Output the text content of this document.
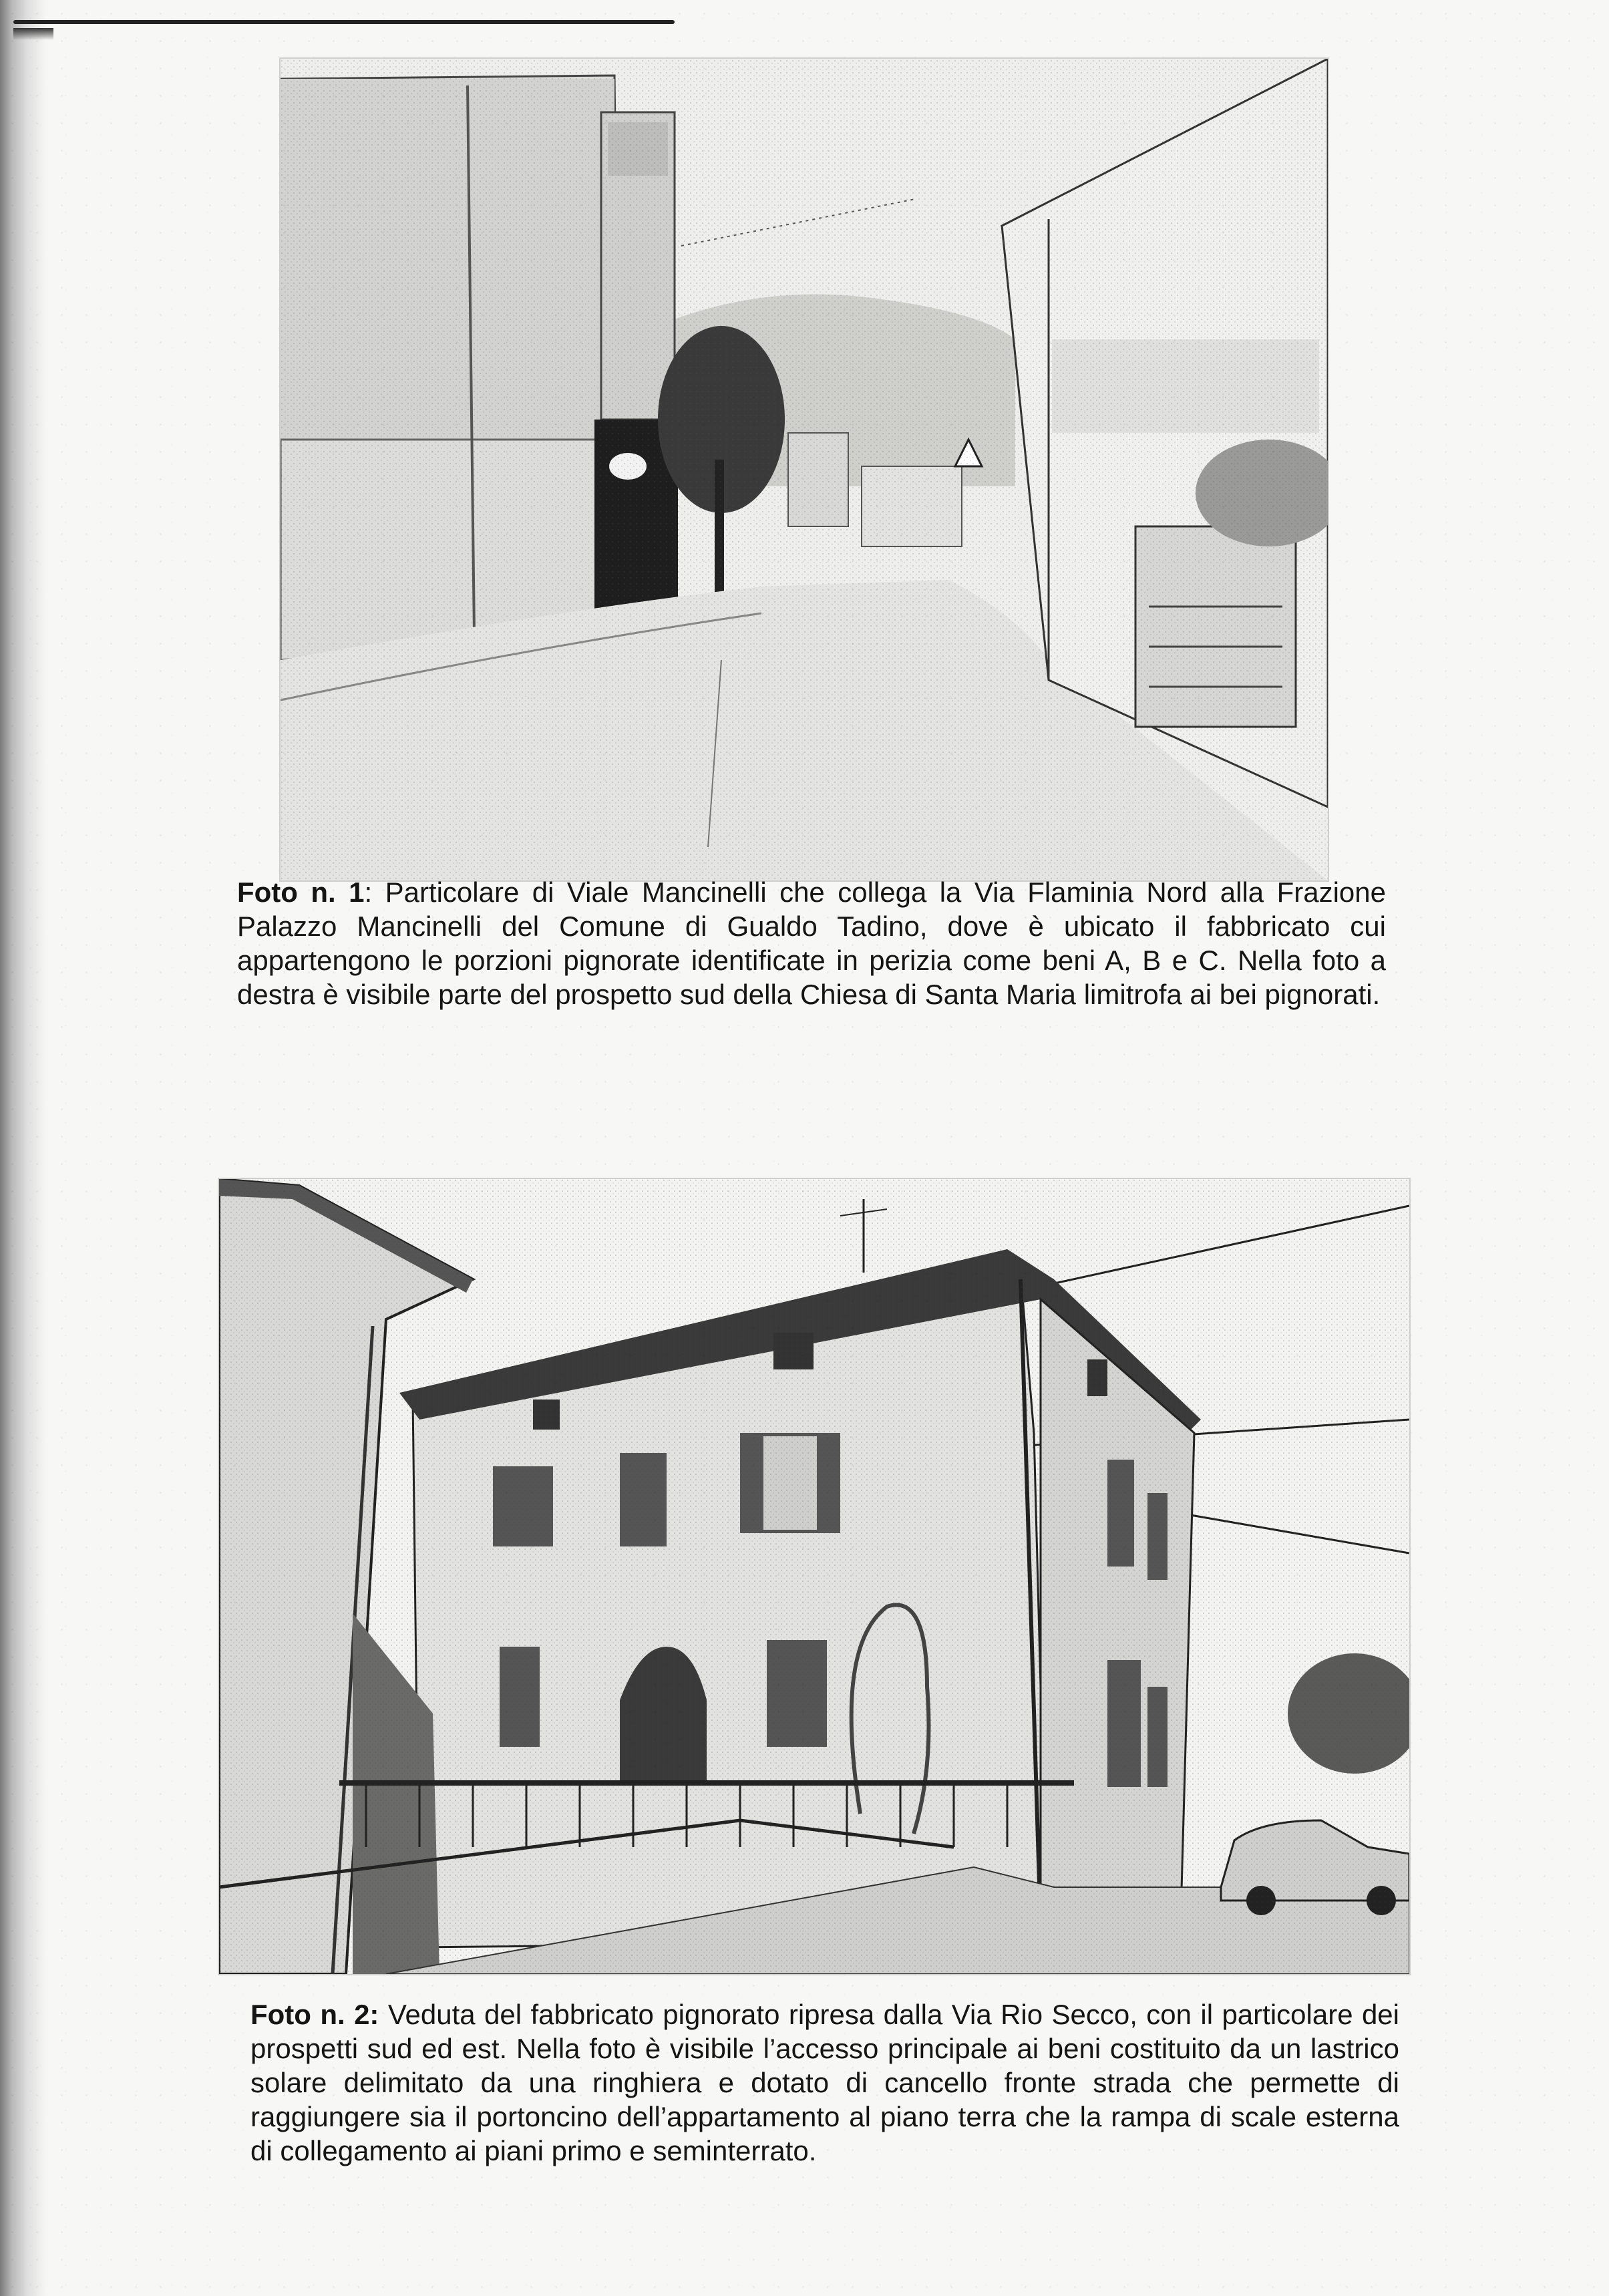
Foto n. 1: Particolare di Viale Mancinelli che collega la Via Flaminia Nord alla Frazione Palazzo Mancinelli del Comune di Gualdo Tadino, dove è ubicato il fabbricato cui appartengono le porzioni pignorate identificate in perizia come beni A, B e C. Nella foto a destra è visibile parte del prospetto sud della Chiesa di Santa Maria limitrofa ai bei pignorati.
Foto n. 2: Veduta del fabbricato pignorato ripresa dalla Via Rio Secco, con il particolare dei prospetti sud ed est. Nella foto è visibile l’accesso principale ai beni costituito da un lastrico solare delimitato da una ringhiera e dotato di cancello fronte strada che permette di raggiungere sia il portoncino dell’appartamento al piano terra che la rampa di scale esterna di collegamento ai piani primo e seminterrato.
